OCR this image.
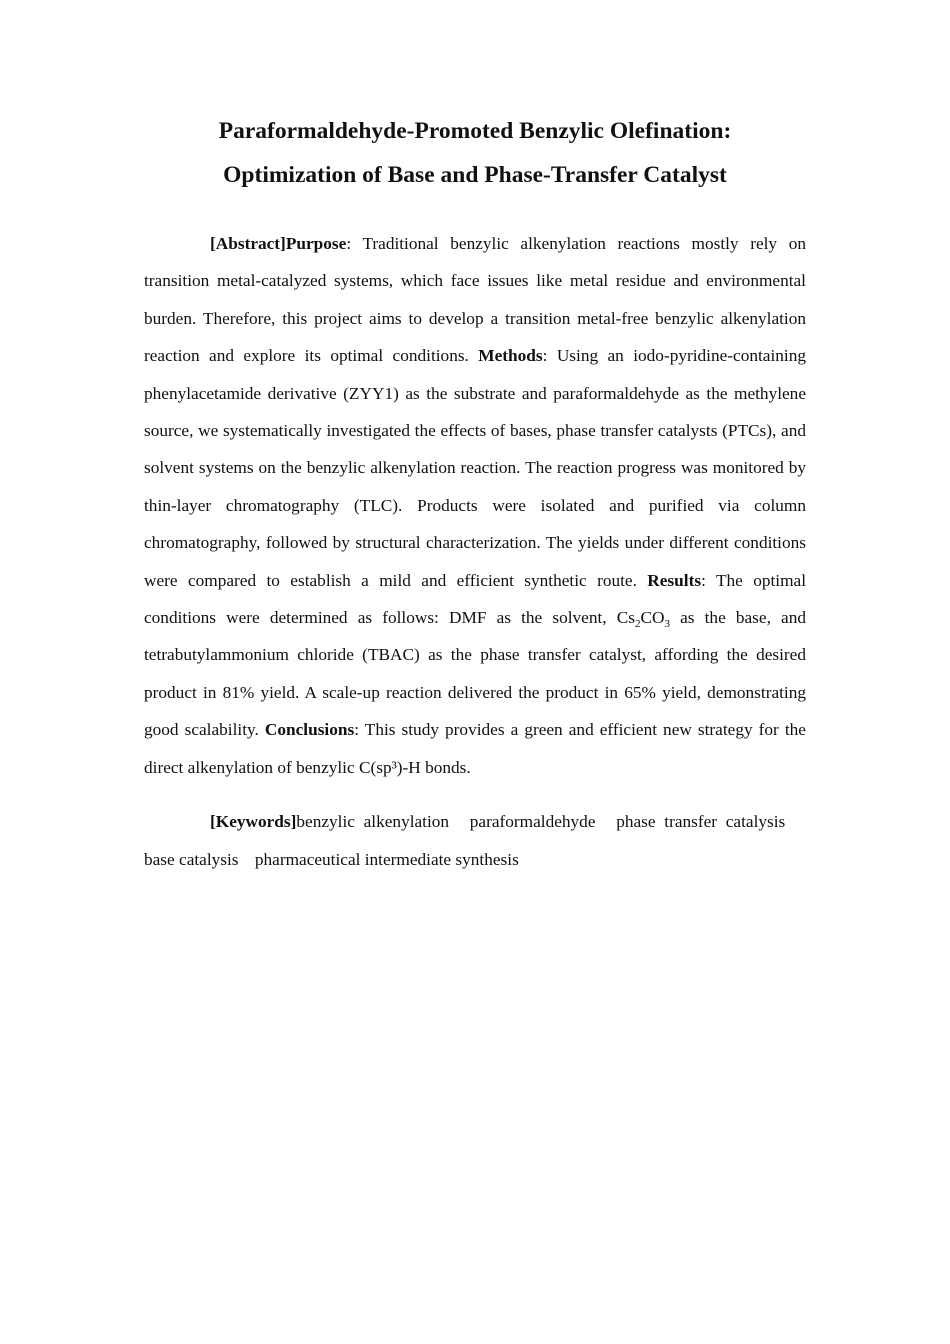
Paraformaldehyde-Promoted Benzylic Olefination:
Optimization of Base and Phase-Transfer Catalyst

[Abstract]Purpose: Traditional benzylic alkenylation reactions mostly rely on transition metal-catalyzed systems, which face issues like metal residue and environmental burden. Therefore, this project aims to develop a transition metal-free benzylic alkenylation reaction and explore its optimal conditions. Methods: Using an iodo-pyridine-containing phenylacetamide derivative (ZYY1) as the substrate and paraformaldehyde as the methylene source, we systematically investigated the effects of bases, phase transfer catalysts (PTCs), and solvent systems on the benzylic alkenylation reaction. The reaction progress was monitored by thin-layer chromatography (TLC). Products were isolated and purified via column chromatography, followed by structural characterization. The yields under different conditions were compared to establish a mild and efficient synthetic route. Results: The optimal conditions were determined as follows: DMF as the solvent, $Cs_2CO_3$ as the base, and tetrabutylammonium chloride (TBAC) as the phase transfer catalyst, affording the desired product in 81% yield. A scale-up reaction delivered the product in 65% yield, demonstrating good scalability. Conclusions: This study provides a green and efficient new strategy for the direct alkenylation of benzylic C(sp³)-H bonds.

[Keywords]benzylic alkenylation paraformaldehyde phase transfer catalysis base catalysis pharmaceutical intermediate synthesis
